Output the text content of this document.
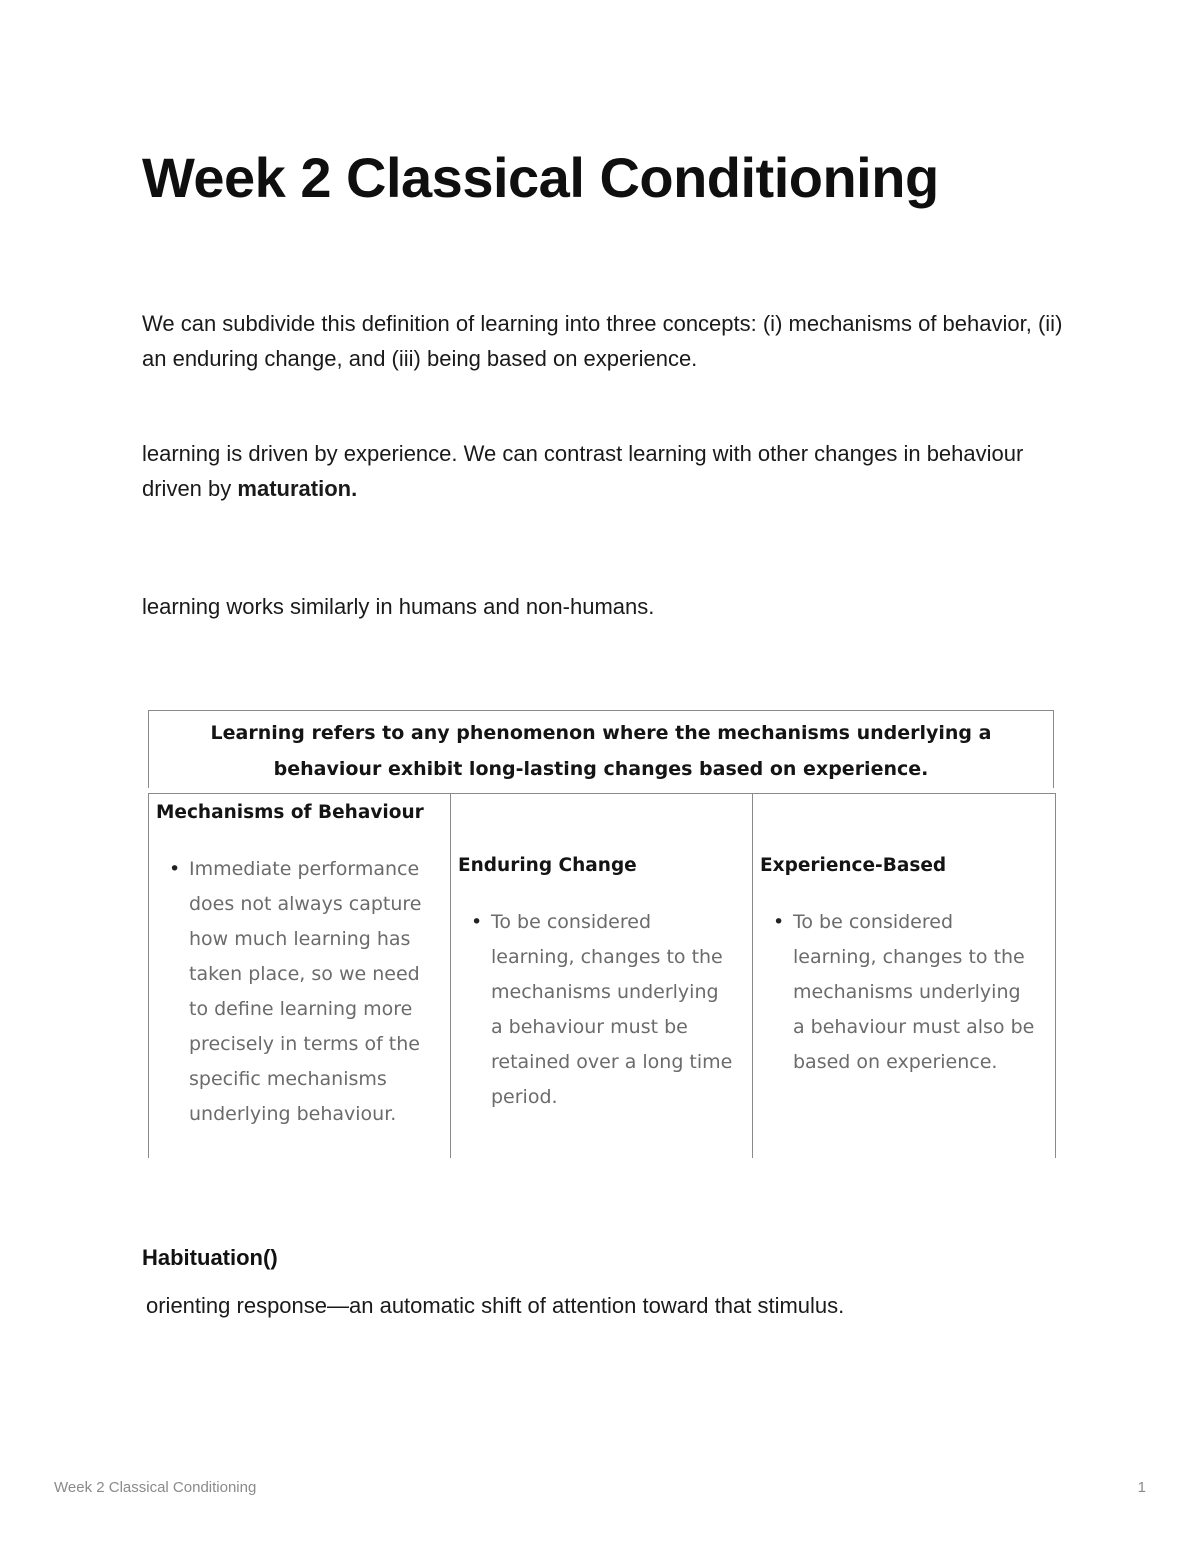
Week 2 Classical Conditioning

We can subdivide this definition of learning into three concepts: (i) mechanisms of behavior, (ii) an enduring change, and (iii) being based on experience.

learning is driven by experience. We can contrast learning with other changes in behaviour driven by maturation.

learning works similarly in humans and non-humans.

Learning refers to any phenomenon where the mechanisms underlying a behaviour exhibit long-lasting changes based on experience.
Mechanisms of Behaviour
• Immediate performance does not always capture how much learning has taken place, so we need to define learning more precisely in terms of the specific mechanisms underlying behaviour.
Enduring Change
• To be considered learning, changes to the mechanisms underlying a behaviour must be retained over a long time period.
Experience-Based
• To be considered learning, changes to the mechanisms underlying a behaviour must also be based on experience.
Habituation()

orienting response—an automatic shift of attention toward that stimulus.

Week 2 Classical Conditioning	1
